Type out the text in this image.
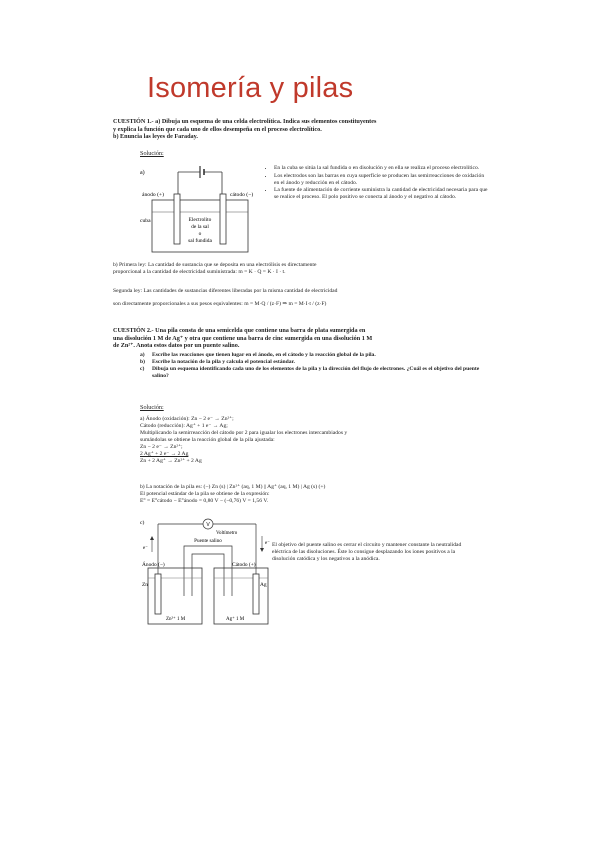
Isomería y pilas
CUESTIÓN 1.- a) Dibuja un esquema de una celda electrolítica. Indica sus elementos constituyentes
y explica la función que cada uno de ellos desempeña en el proceso electrolítico.
b) Enuncia las leyes de Faraday.
Solución:
a)
ánodo (+)	cátodo (−)
cuba	Electrolito
de la sal
o
sal fundida
• En la cuba se sitúa la sal fundida o en disolución y en ella se realiza el proceso electrolítico.
• Los electrodos son las barras en cuya superficie se producen las semirreacciones de oxidación en el ánodo y reducción en el cátodo.
• La fuente de alimentación de corriente suministra la cantidad de electricidad necesaria para que se realice el proceso. El polo positivo se conecta al ánodo y el negativo al cátodo.
b) Primera ley: La cantidad de sustancia que se deposita en una electrólisis es directamente
proporcional a la cantidad de electricidad suministrada: m = K · Q = K · I · t.
Segunda ley: Las cantidades de sustancias diferentes liberadas por la misma cantidad de electricidad
son directamente proporcionales a sus pesos equivalentes: m = M·Q / (z·F) ⇒ m = M·I·t / (z·F)
CUESTIÓN 2.- Una pila consta de una semicelda que contiene una barra de plata sumergida en
una disolución 1 M de Ag⁺ y otra que contiene una barra de cinc sumergida en una disolución 1 M
de Zn²⁺. Anota estos datos por un puente salino.
a)	Escribe las reacciones que tienen lugar en el ánodo, en el cátodo y la reacción global de la pila.
b)	Escribe la notación de la pila y calcula el potencial estándar.
c)	Dibuja un esquema identificando cada uno de los elementos de la pila y la dirección del flujo de electrones. ¿Cuál es el objetivo del puente salino?
Solución:
a) Ánodo (oxidación): Zn − 2 e⁻ → Zn²⁺;
Cátodo (reducción): Ag⁺ + 1 e⁻ → Ag;
Multiplicando la semirreacción del cátodo por 2 para igualar los electrones intercambiados y
sumándolas se obtiene la reacción global de la pila ajustada:
Zn − 2 e⁻ → Zn²⁺;
2 Ag⁺ + 2 e⁻ → 2 Ag
Zn + 2 Ag⁺ → Zn²⁺ + 2 Ag
b) La notación de la pila es: (−) Zn (s) | Zn²⁺ (aq, 1 M) || Ag⁺ (aq, 1 M) | Ag (s) (+)
El potencial estándar de la pila se obtiene de la expresión:
E° = E°cátodo − E°ánodo = 0,80 V − (−0,76) V = 1,56 V.
c)	V
Voltímetro
e⁻
e⁻
Puente salino
Ánodo (−)	Cátodo (+)
Zn	Ag
Zn²⁺ 1 M	Ag⁺ 1 M
El objetivo del puente salino es cerrar el circuito y mantener constante la neutralidad eléctrica de las disoluciones. Éste lo consigue desplazando los iones positivos a la disolución catódica y los negativos a la anódica.
